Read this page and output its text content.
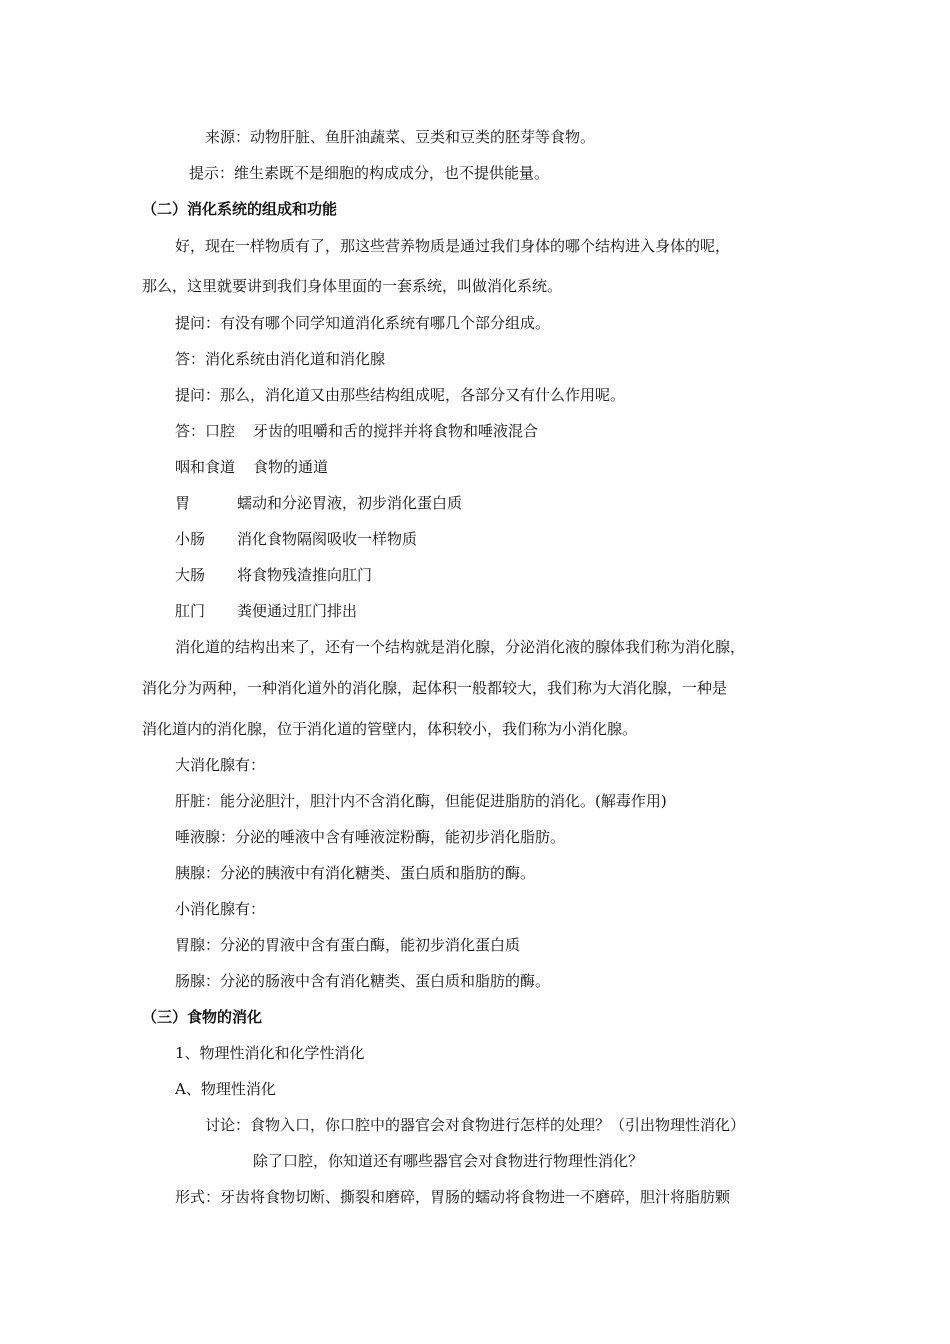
来源：动物肝脏、鱼肝油蔬菜、豆类和豆类的胚芽等食物。
提示：维生素既不是细胞的构成成分，也不提供能量。
（二）消化系统的组成和功能
好，现在一样物质有了，那这些营养物质是通过我们身体的哪个结构进入身体的呢，
那么，这里就要讲到我们身体里面的一套系统，叫做消化系统。
提问：有没有哪个同学知道消化系统有哪几个部分组成。
答：消化系统由消化道和消化腺
提问：那么，消化道又由那些结构组成呢，各部分又有什么作用呢。
答：口腔 牙齿的咀嚼和舌的搅拌并将食物和唾液混合
咽和食道 食物的通道
胃	蠕动和分泌胃液，初步消化蛋白质
小肠 消化食物隔阂吸收一样物质
大肠 将食物残渣推向肛门
肛门 粪便通过肛门排出
消化道的结构出来了，还有一个结构就是消化腺，分泌消化液的腺体我们称为消化腺，
消化分为两种，一种消化道外的消化腺，起体积一般都较大，我们称为大消化腺，一种是
消化道内的消化腺，位于消化道的管壁内，体积较小，我们称为小消化腺。
大消化腺有：
肝脏：能分泌胆汁，胆汁内不含消化酶，但能促进脂肪的消化。(解毒作用)
唾液腺：分泌的唾液中含有唾液淀粉酶，能初步消化脂肪。
胰腺：分泌的胰液中有消化糖类、蛋白质和脂肪的酶。
小消化腺有：
胃腺：分泌的胃液中含有蛋白酶，能初步消化蛋白质
肠腺：分泌的肠液中含有消化糖类、蛋白质和脂肪的酶。
（三）食物的消化
1、物理性消化和化学性消化
A、物理性消化
讨论：食物入口，你口腔中的器官会对食物进行怎样的处理？（引出物理性消化）
除了口腔，你知道还有哪些器官会对食物进行物理性消化？
形式：牙齿将食物切断、撕裂和磨碎，胃肠的蠕动将食物进一不磨碎，胆汁将脂肪颗
